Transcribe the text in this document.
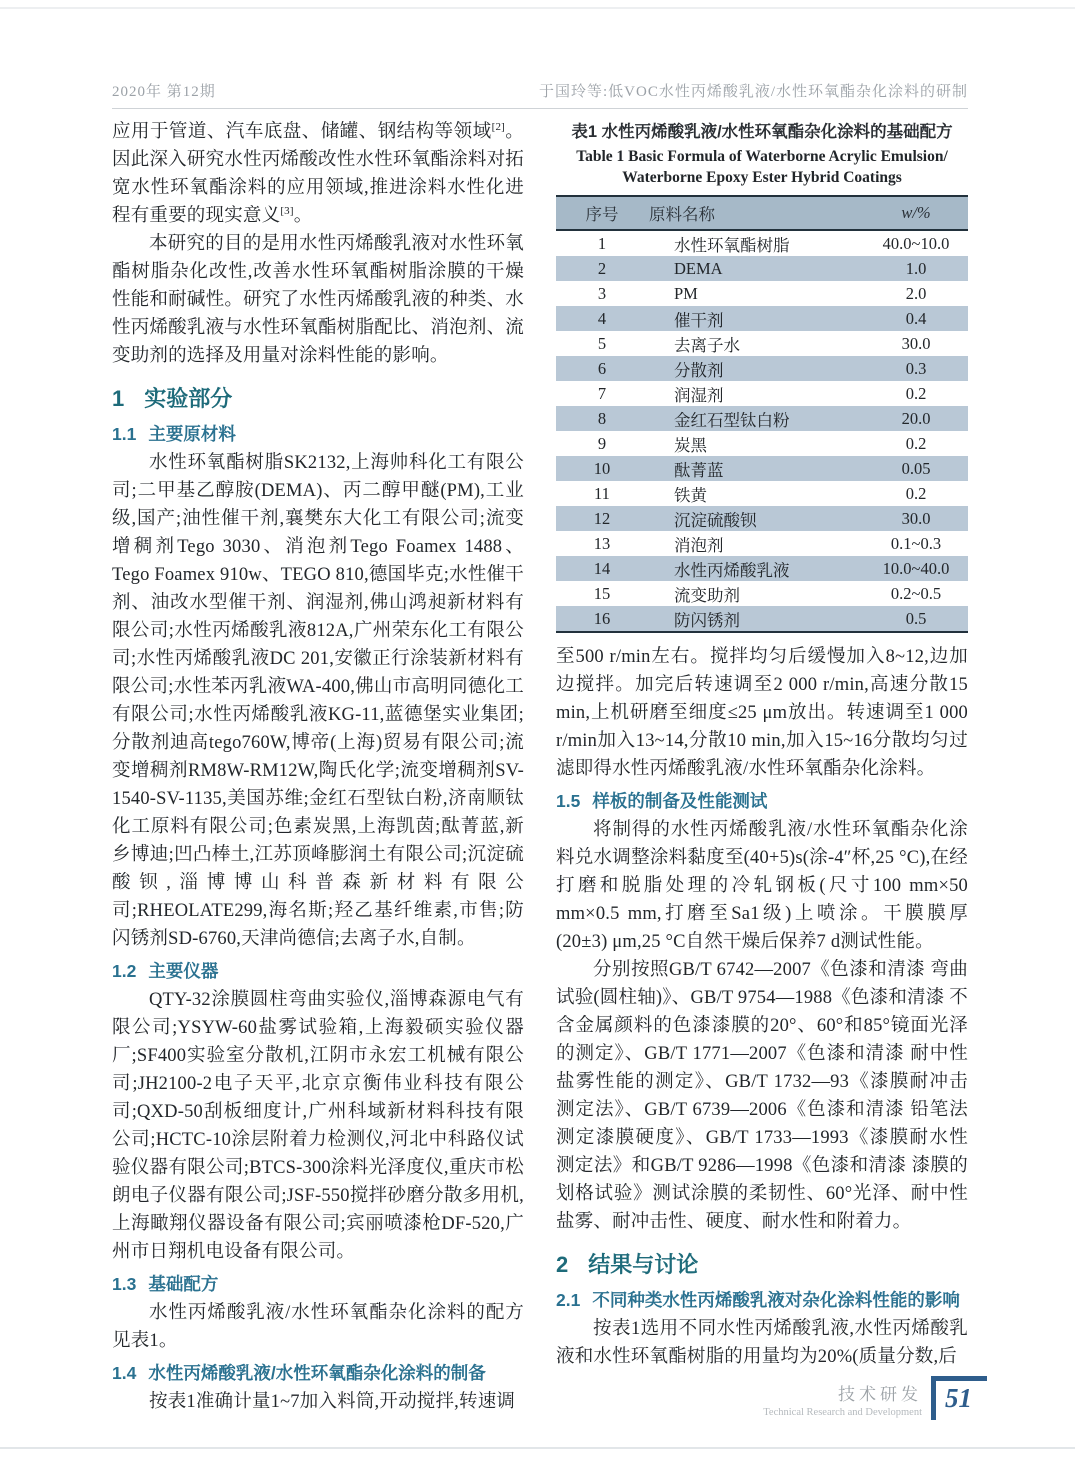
2020年 第12期	于国玲等:低VOC水性丙烯酸乳液/水性环氧酯杂化涂料的研制

应用于管道、汽车底盘、储罐、钢结构等领域[2]。因此深入研究水性丙烯酸改性水性环氧酯涂料对拓宽水性环氧酯涂料的应用领域,推进涂料水性化进程有重要的现实意义[3]。

本研究的目的是用水性丙烯酸乳液对水性环氧酯树脂杂化改性,改善水性环氧酯树脂涂膜的干燥性能和耐碱性。研究了水性丙烯酸乳液的种类、水性丙烯酸乳液与水性环氧酯树脂配比、消泡剂、流变助剂的选择及用量对涂料性能的影响。

1 实验部分
1.1 主要原材料

水性环氧酯树脂SK2132,上海帅科化工有限公司;二甲基乙醇胺(DEMA)、丙二醇甲醚(PM),工业级,国产;油性催干剂,襄樊东大化工有限公司;流变增稠剂Tego 3030、消泡剂Tego Foamex 1488、Tego Foamex 910w、TEGO 810,德国毕克;水性催干剂、油改水型催干剂、润湿剂,佛山鸿昶新材料有限公司;水性丙烯酸乳液812A,广州荣东化工有限公司;水性丙烯酸乳液DC 201,安徽正行涂装新材料有限公司;水性苯丙乳液WA-400,佛山市高明同德化工有限公司;水性丙烯酸乳液KG-11,蓝德堡实业集团;分散剂迪高tego760W,博帝(上海)贸易有限公司;流变增稠剂RM8W-RM12W,陶氏化学;流变增稠剂SV-1540-SV-1135,美国苏维;金红石型钛白粉,济南顺钛化工原料有限公司;色素炭黑,上海凯茵;酞菁蓝,新乡博迪;凹凸棒土,江苏顶峰膨润土有限公司;沉淀硫酸钡,淄博博山科普森新材料有限公司;RHEOLATE299,海名斯;羟乙基纤维素,市售;防闪锈剂SD-6760,天津尚德信;去离子水,自制。

1.2 主要仪器

QTY-32涂膜圆柱弯曲实验仪,淄博森源电气有限公司;YSYW-60盐雾试验箱,上海毅硕实验仪器厂;SF400实验室分散机,江阴市永宏工机械有限公司;JH2100-2电子天平,北京京衡伟业科技有限公司;QXD-50刮板细度计,广州科域新材料科技有限公司;HCTC-10涂层附着力检测仪,河北中科路仪试验仪器有限公司;BTCS-300涂料光泽度仪,重庆市松朗电子仪器有限公司;JSF-550搅拌砂磨分散多用机,上海瞰翔仪器设备有限公司;宾丽喷漆枪DF-520,广州市日翔机电设备有限公司。

1.3 基础配方

水性丙烯酸乳液/水性环氧酯杂化涂料的配方见表1。

1.4 水性丙烯酸乳液/水性环氧酯杂化涂料的制备

按表1准确计量1~7加入料筒,开动搅拌,转速调

表1 水性丙烯酸乳液/水性环氧酯杂化涂料的基础配方

Table 1 Basic Formula of Waterborne Acrylic Emulsion/

Waterborne Epoxy Ester Hybrid Coatings

序号	原料名称	w/%
1	水性环氧酯树脂	40.0~10.0
2	DEMA	1.0
3	PM	2.0
4	催干剂	0.4
5	去离子水	30.0
6	分散剂	0.3
7	润湿剂	0.2
8	金红石型钛白粉	20.0
9	炭黑	0.2
10	酞菁蓝	0.05
11	铁黄	0.2
12	沉淀硫酸钡	30.0
13	消泡剂	0.1~0.3
14	水性丙烯酸乳液	10.0~40.0
15	流变助剂	0.2~0.5
16	防闪锈剂	0.5

至500 r/min左右。搅拌均匀后缓慢加入8~12,边加边搅拌。加完后转速调至2 000 r/min,高速分散15 min,上机研磨至细度≤25 μm放出。转速调至1 000 r/min加入13~14,分散10 min,加入15~16分散均匀过滤即得水性丙烯酸乳液/水性环氧酯杂化涂料。

1.5 样板的制备及性能测试

将制得的水性丙烯酸乳液/水性环氧酯杂化涂料兑水调整涂料黏度至(40+5)s(涂-4″杯,25 °C),在经打磨和脱脂处理的冷轧钢板(尺寸100 mm×50 mm×0.5 mm,打磨至Sa1级)上喷涂。干膜膜厚(20±3) μm,25 °C自然干燥后保养7 d测试性能。

分别按照GB/T 6742—2007《色漆和清漆 弯曲试验(圆柱轴)》、GB/T 9754—1988《色漆和清漆 不含金属颜料的色漆漆膜的20°、60°和85°镜面光泽的测定》、GB/T 1771—2007《色漆和清漆 耐中性盐雾性能的测定》、GB/T 1732—93《漆膜耐冲击测定法》、GB/T 6739—2006《色漆和清漆 铅笔法测定漆膜硬度》、GB/T 1733—1993《漆膜耐水性测定法》和GB/T 9286—1998《色漆和清漆 漆膜的划格试验》测试涂膜的柔韧性、60°光泽、耐中性盐雾、耐冲击性、硬度、耐水性和附着力。

2 结果与讨论
2.1 不同种类水性丙烯酸乳液对杂化涂料性能的影响

按表1选用不同水性丙烯酸乳液,水性丙烯酸乳液和水性环氧酯树脂的用量均为20%(质量分数,后

技术研发
Technical Research and Development 51
